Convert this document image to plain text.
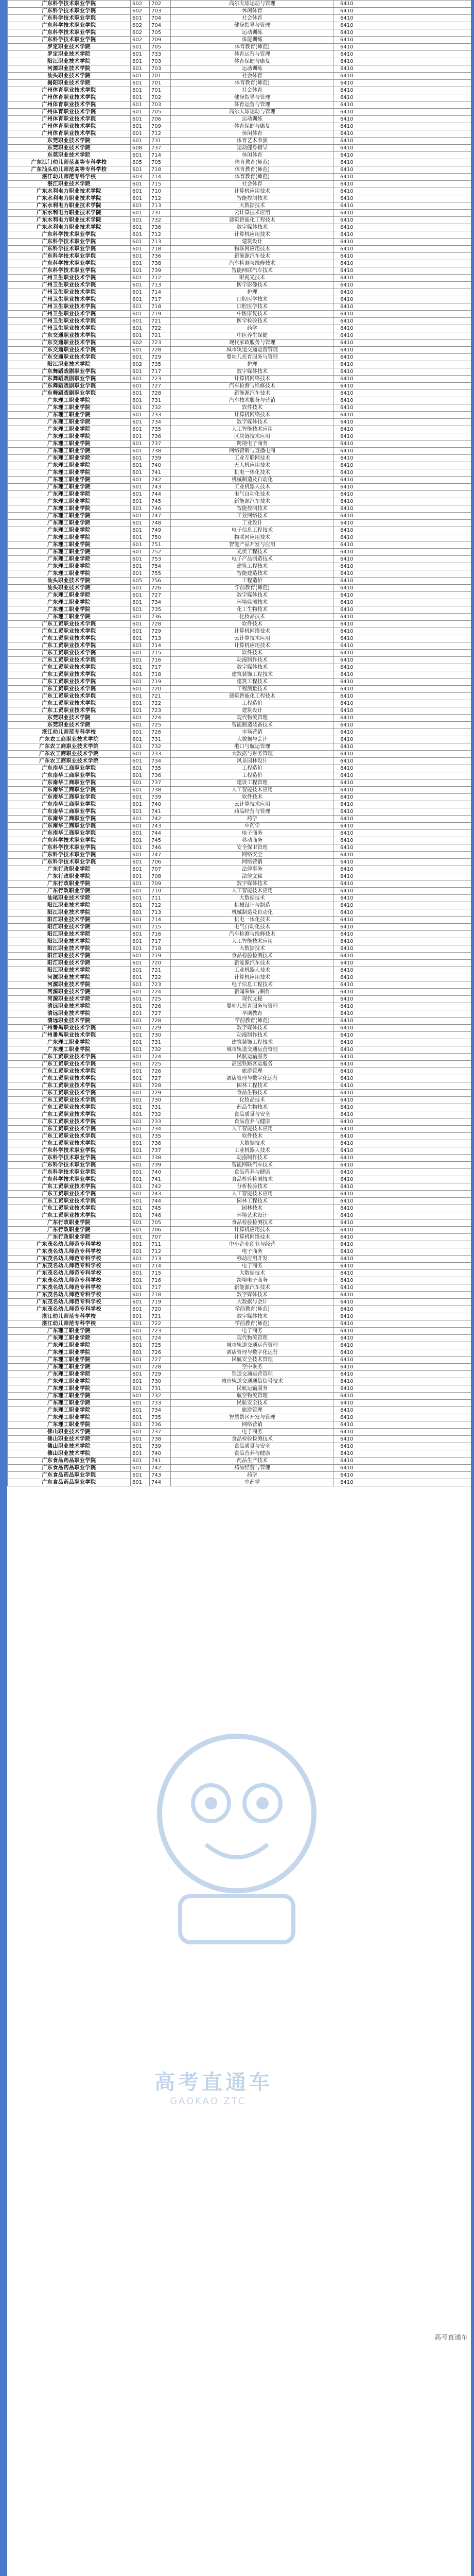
广东科学技术职业学院	602	702	高尔夫球运动与管理	6410
广东科学技术职业学院	602	703	休闲体育	6410
广东科学技术职业学院	601	704	社会体育	6410
广东科学技术职业学院	602	704	健身指导与管理	6410
广东科学技术职业学院	602	705	运动训练	6410
广东科学技术职业学院	602	709	体能训练	6410
罗定职业技术学院	601	705	体育教育(师范)	6410
罗定职业技术学院	601	733	体育运营与管理	6410
阳江职业技术学院	601	703	体育保健与康复	6410
河源职业技术学院	601	703	运动训练	6410
汕头职业技术学院	601	701	社会体育	6410
揭阳职业技术学院	601	701	体育教育(师范)	6410
广州体育职业技术学院	601	701	社会体育	6410
广州体育职业技术学院	601	702	健身指导与管理	6410
广州体育职业技术学院	601	703	体育运营与管理	6410
广州体育职业技术学院	601	705	高尔夫球运动与管理	6410
广州体育职业技术学院	601	706	运动训练	6410
广州体育职业技术学院	601	709	体育保健与康复	6410
广州体育职业技术学院	601	712	休闲体育	6410
东莞职业技术学院	601	731	体育艺术表演	6410
东莞职业技术学院	608	737	运动健身指导	6410
东莞职业技术学院	601	714	休闲体育	6410
广东江门幼儿师范高等专科学校	605	705	体育教育(师范)	6410
广东汕头幼儿师范高等专科学校	601	718	体育教育(师范)	6410
湛江幼儿师范专科学校	603	714	体育教育(师范)	6410
湛江职业技术学院	601	715	社会体育	6410
广东水利电力职业技术学院	601	710	计算机应用技术	6410
广东水利电力职业技术学院	601	712	智能控制技术	6410
广东水利电力职业技术学院	601	713	大数据技术	6410
广东水利电力职业技术学院	601	731	云计算技术应用	6410
广东水利电力职业技术学院	601	732	建筑智能化工程技术	6410
广东水利电力职业技术学院	601	736	数字媒体技术	6410
广东科学技术职业学院	601	712	计算机应用技术	6410
广东科学技术职业学院	601	713	建筑设计	6410
广东科学技术职业学院	601	718	物联网应用技术	6410
广东科学技术职业学院	601	736	新能源汽车技术	6410
广东科学技术职业学院	601	738	汽车检测与维修技术	6410
广东科学技术职业学院	601	739	智能网联汽车技术	6410
广州卫生职业技术学院	601	712	眼视光技术	6410
广州卫生职业技术学院	601	713	医学影像技术	6410
广州卫生职业技术学院	601	714	护理	6410
广州卫生职业技术学院	601	717	口腔医学技术	6410
广州卫生职业技术学院	601	718	口腔医学技术	6410
广州卫生职业技术学院	601	719	中医康复技术	6410
广州卫生职业技术学院	601	721	医学检验技术	6410
广州卫生职业技术学院	601	722	药学	6410
广东交通职业技术学院	601	721	中医养生保健	6410
广东交通职业技术学院	602	723	现代家政服务与管理	6410
广东交通职业技术学院	601	728	城市轨道交通运营管理	6410
广东交通职业技术学院	601	729	婴幼儿托育服务与管理	6410
阳江职业技术学院	602	735	护理	6410
广东舞蹈戏剧职业学院	601	717	数字媒体技术	6410
广东舞蹈戏剧职业学院	601	723	计算机网络技术	6410
广东舞蹈戏剧职业学院	601	727	汽车检测与维修技术	6410
广东舞蹈戏剧职业学院	601	728	新能源汽车技术	6410
广东理工职业学院	601	731	汽车技术服务与营销	6410
广东理工职业学院	601	732	软件技术	6410
广东理工职业学院	601	733	计算机网络技术	6410
广东理工职业学院	601	734	数字媒体技术	6410
广东理工职业学院	601	735	人工智能技术应用	6410
广东理工职业学院	601	736	区块链技术应用	6410
广东理工职业学院	601	737	跨境电子商务	6410
广东理工职业学院	601	738	网络营销与直播电商	6410
广东理工职业学院	601	739	工业互联网技术	6410
广东理工职业学院	601	740	无人机应用技术	6410
广东理工职业学院	601	741	机电一体化技术	6410
广东理工职业学院	601	742	机械制造及自动化	6410
广东理工职业学院	601	743	工业机器人技术	6410
广东理工职业学院	601	744	电气自动化技术	6410
广东理工职业学院	601	745	新能源汽车技术	6410
广东理工职业学院	601	746	智能控制技术	6410
广东理工职业学院	601	747	工业网络技术	6410
广东理工职业学院	601	748	工业设计	6410
广东理工职业学院	601	749	电子信息工程技术	6410
广东理工职业学院	601	750	物联网应用技术	6410
广东理工职业学院	601	751	智能产品开发与应用	6410
广东理工职业学院	601	752	光伏工程技术	6410
广东理工职业学院	601	753	电子产品制造技术	6410
广东理工职业学院	601	754	建筑工程技术	6410
广东理工职业学院	601	755	智能建造技术	6410
汕头职业技术学院	605	756	工程造价	6410
汕头职业技术学院	601	726	学前教育(师范)	6410
广东理工职业学院	601	727	数字媒体技术	6410
广东理工职业学院	601	734	环境监测技术	6410
广东理工职业学院	601	735	化工生物技术	6410
广东理工职业学院	601	736	化妆品技术	6410
广东工贸职业技术学院	601	728	软件技术	6410
广东工贸职业技术学院	601	729	计算机网络技术	6410
广东工贸职业技术学院	601	713	云计算技术应用	6410
广东工贸职业技术学院	601	714	计算机应用技术	6410
广东工贸职业技术学院	601	715	软件技术	6410
广东工贸职业技术学院	601	716	动漫制作技术	6410
广东工贸职业技术学院	601	717	数字媒体技术	6410
广东工贸职业技术学院	601	718	建筑装饰工程技术	6410
广东工贸职业技术学院	601	719	建筑工程技术	6410
广东工贸职业技术学院	601	720	工程测量技术	6410
广东工贸职业技术学院	601	721	建筑智能化工程技术	6410
广东工贸职业技术学院	601	722	工程造价	6410
广东工贸职业技术学院	601	723	建筑设计	6410
东莞职业技术学院	601	724	现代物流管理	6410
东莞职业技术学院	601	725	智能制造装备技术	6410
湛江幼儿师范专科学校	601	726	市场营销	6410
广东农工商职业技术学院	601	731	大数据与会计	6410
广东农工商职业技术学院	601	732	港口与航运管理	6410
广东农工商职业技术学院	601	733	大数据与财务管理	6410
广东农工商职业技术学院	601	734	风景园林设计	6410
广东南华工商职业学院	601	735	工程造价	6410
广东南华工商职业学院	601	736	工程造价	6410
广东南华工商职业学院	601	737	建设工程管理	6410
广东南华工商职业学院	601	738	人工智能技术应用	6410
广东南华工商职业学院	601	739	软件技术	6410
广东南华工商职业学院	601	740	云计算技术应用	6410
广东南华工商职业学院	601	741	药品经营与管理	6410
广东南华工商职业学院	601	742	药学	6410
广东南华工商职业学院	601	743	中药学	6410
广东南华工商职业学院	601	744	电子商务	6410
广东科学技术职业学院	601	745	移动商务	6410
广东科学技术职业学院	601	746	安全保卫管理	6410
广东科学技术职业学院	601	747	网络安全	6410
广东科学技术职业学院	601	706	网络营销	6410
广东行政职业学院	601	707	法律事务	6410
广东行政职业学院	601	708	法律文秘	6410
广东行政职业学院	601	709	数字媒体技术	6410
广东行政职业学院	601	710	人工智能技术应用	6410
汕尾职业技术学院	601	711	大数据技术	6410
阳江职业技术学院	601	712	机械设计与制造	6410
阳江职业技术学院	601	713	机械制造及自动化	6410
阳江职业技术学院	601	714	机电一体化技术	6410
阳江职业技术学院	601	715	电气自动化技术	6410
阳江职业技术学院	601	716	汽车检测与维修技术	6410
阳江职业技术学院	601	717	人工智能技术应用	6410
阳江职业技术学院	601	718	大数据技术	6410
阳江职业技术学院	601	719	食品检验检测技术	6410
阳江职业技术学院	601	720	新能源汽车技术	6410
阳江职业技术学院	601	721	工业机器人技术	6410
河源职业技术学院	601	722	计算机应用技术	6410
河源职业技术学院	601	723	电子信息工程技术	6410
河源职业技术学院	601	724	新闻采编与制作	6410
河源职业技术学院	601	725	现代文秘	6410
清远职业技术学院	601	726	婴幼儿托育服务与管理	6410
清远职业技术学院	601	727	早期教育	6410
清远职业技术学院	601	728	学前教育(师范)	6410
广州番禺职业技术学院	601	729	数字媒体技术	6410
广州番禺职业技术学院	601	730	动漫制作技术	6410
广东理工职业学院	601	731	建筑装饰工程技术	6410
广东理工职业学院	601	732	城市轨道交通运营管理	6410
广东工贸职业技术学院	601	724	民航运输服务	6410
广东工贸职业技术学院	601	725	高速铁路客运服务	6410
广东工贸职业技术学院	601	726	旅游管理	6410
广东工贸职业技术学院	601	727	酒店管理与数字化运营	6410
广东工贸职业技术学院	601	728	园林工程技术	6410
广东工贸职业技术学院	601	729	食品生物技术	6410
广东工贸职业技术学院	601	730	化妆品技术	6410
广东工贸职业技术学院	601	731	药品生物技术	6410
广东工贸职业技术学院	601	732	食品质量与安全	6410
广东工贸职业技术学院	601	733	食品营养与健康	6410
广东工贸职业技术学院	601	734	人工智能技术应用	6410
广东工贸职业技术学院	601	735	软件技术	6410
广东工贸职业技术学院	601	736	大数据技术	6410
广东科学技术职业学院	601	737	工业机器人技术	6410
广东科学技术职业学院	601	738	动漫制作技术	6410
广东科学技术职业学院	601	739	智能网联汽车技术	6410
广东科学技术职业学院	601	740	食品营养与健康	6410
广东科学技术职业学院	601	741	食品检验检测技术	6410
广东工贸职业技术学院	601	742	分析检验技术	6410
广东工贸职业技术学院	601	743	人工智能技术应用	6410
广东工贸职业技术学院	601	744	园林工程技术	6410
广东工贸职业技术学院	601	745	园林技术	6410
广东工贸职业技术学院	601	746	环境艺术设计	6410
广东行政职业学院	601	705	食品检验检测技术	6410
广东行政职业学院	601	706	计算机应用技术	6410
广东行政职业学院	601	707	计算机网络技术	6410
广东茂名幼儿师范专科学校	601	711	中小企业创业与经营	6410
广东茂名幼儿师范专科学校	601	712	电子商务	6410
广东茂名幼儿师范专科学校	601	713	移动应用开发	6410
广东茂名幼儿师范专科学校	601	714	电子商务	6410
广东茂名幼儿师范专科学校	601	715	大数据技术	6410
广东茂名幼儿师范专科学校	601	716	跨境电子商务	6410
广东茂名幼儿师范专科学校	601	717	新能源汽车技术	6410
广东茂名幼儿师范专科学校	601	718	数字媒体技术	6410
广东茂名幼儿师范专科学校	601	719	大数据与会计	6410
广东茂名幼儿师范专科学校	601	720	学前教育(师范)	6410
湛江幼儿师范专科学校	601	721	数字媒体技术	6410
湛江幼儿师范专科学校	601	722	学前教育(师范)	6410
广东理工职业学院	601	723	电子商务	6410
广东理工职业学院	601	724	现代物流管理	6410
广东理工职业学院	601	725	城市轨道交通运营管理	6410
广东理工职业学院	601	726	酒店管理与数字化运营	6410
广东理工职业学院	601	727	民航安全技术管理	6410
广东理工职业学院	601	728	空中乘务	6410
广东理工职业学院	601	729	铁道交通运营管理	6410
广东理工职业学院	601	730	城市轨道交通通信信号技术	6410
广东理工职业学院	601	731	民航运输服务	6410
广东理工职业学院	601	732	航空物流管理	6410
广东理工职业学院	601	733	民航安全技术	6410
广东理工职业学院	601	734	旅游管理	6410
广东理工职业学院	601	735	智慧景区开发与管理	6410
广东理工职业学院	601	736	网络营销	6410
佛山职业技术学院	601	737	电子商务	6410
佛山职业技术学院	601	738	食品检验检测技术	6410
佛山职业技术学院	601	739	食品质量与安全	6410
佛山职业技术学院	601	740	食品营养与健康	6410
广东食品药品职业学院	601	741	药品生产技术	6410
广东食品药品职业学院	601	742	药品经营与管理	6410
广东食品药品职业学院	601	743	药学	6410
广东食品药品职业学院	601	744	中药学	6410
高考直通车
GAOKAO ZTC
高考直通车
